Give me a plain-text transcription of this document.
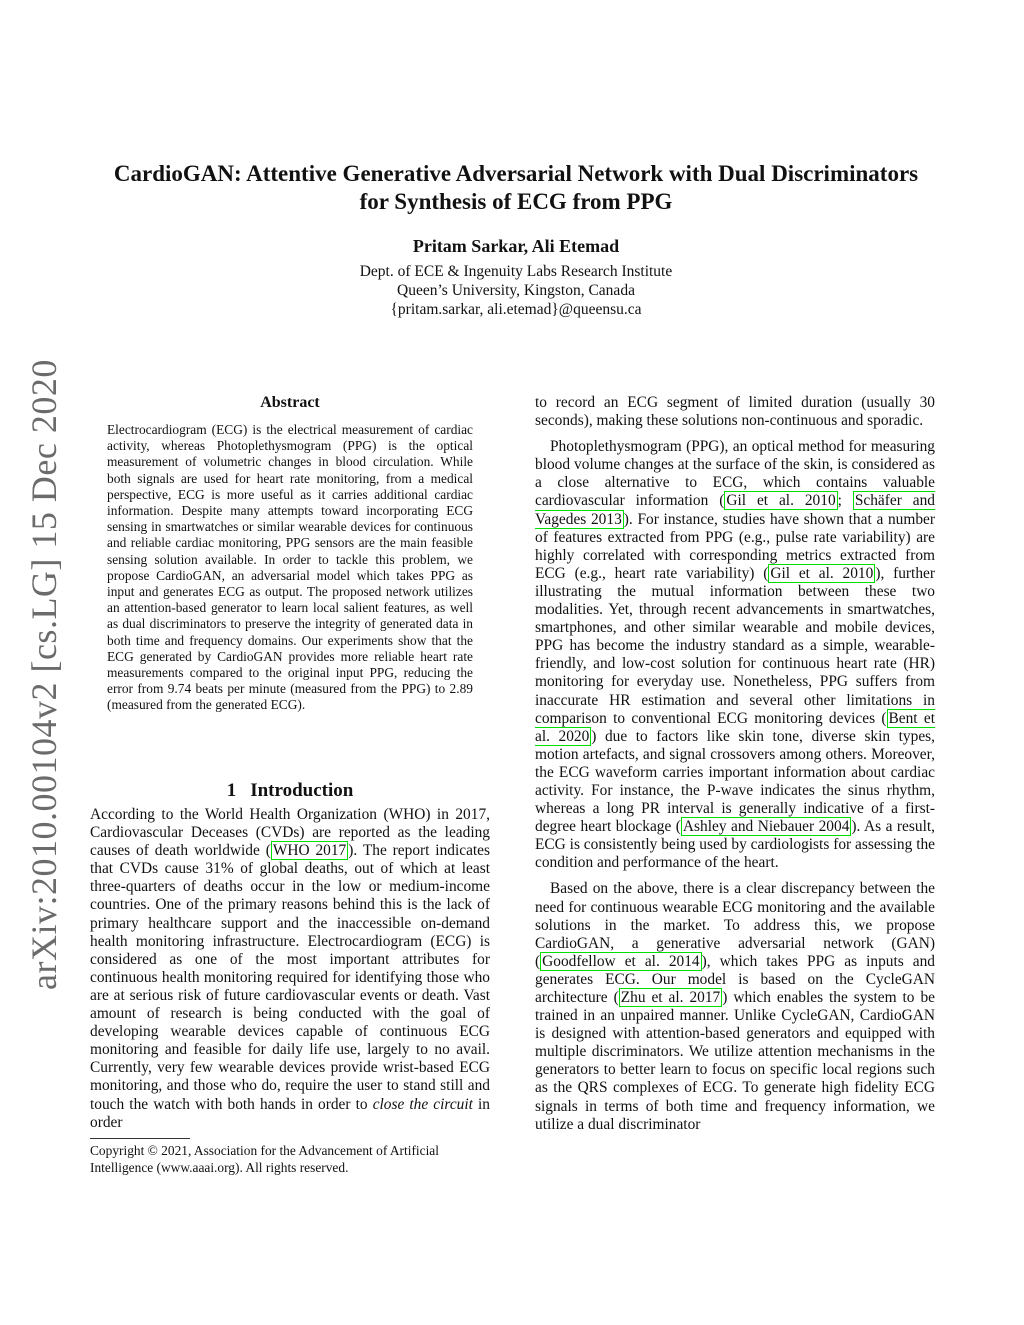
CardioGAN: Attentive Generative Adversarial Network with Dual Discriminators
for Synthesis of ECG from PPG
Pritam Sarkar, Ali Etemad
Dept. of ECE & Ingenuity Labs Research Institute
Queen’s University, Kingston, Canada
{pritam.sarkar, ali.etemad}@queensu.ca
arXiv:2010.00104v2 [cs.LG] 15 Dec 2020	Abstract

Electrocardiogram (ECG) is the electrical measurement of cardiac activity, whereas Photoplethysmogram (PPG) is the optical measurement of volumetric changes in blood circulation. While both signals are used for heart rate monitoring, from a medical perspective, ECG is more useful as it carries additional cardiac information. Despite many attempts toward incorporating ECG sensing in smartwatches or similar wearable devices for continuous and reliable cardiac monitoring, PPG sensors are the main feasible sensing solution available. In order to tackle this problem, we propose CardioGAN, an adversarial model which takes PPG as input and generates ECG as output. The proposed network utilizes an attention-based generator to learn local salient features, as well as dual discriminators to preserve the integrity of generated data in both time and frequency domains. Our experiments show that the ECG generated by CardioGAN provides more reliable heart rate measurements compared to the original input PPG, reducing the error from 9.74 beats per minute (measured from the PPG) to 2.89 (measured from the generated ECG).

1 Introduction

According to the World Health Organization (WHO) in 2017, Cardiovascular Deceases (CVDs) are reported as the leading causes of death worldwide ( WHO 2017 ). The report indicates that CVDs cause 31% of global deaths, out of which at least three-quarters of deaths occur in the low or medium-income countries. One of the primary reasons behind this is the lack of primary healthcare support and the inaccessible on-demand health monitoring infrastructure. Electrocardiogram (ECG) is considered as one of the most important attributes for continuous health monitoring required for identifying those who are at serious risk of future cardiovascular events or death. Vast amount of research is being conducted with the goal of developing wearable devices capable of continuous ECG monitoring and feasible for daily life use, largely to no avail. Currently, very few wearable devices provide wrist-based ECG monitoring, and those who do, require the user to stand still and touch the watch with both hands in order to close the circuit in order

Copyright © 2021, Association for the Advancement of Artificial Intelligence (www.aaai.org). All rights reserved.

to record an ECG segment of limited duration (usually 30 seconds), making these solutions non-continuous and sporadic.

Photoplethysmogram (PPG), an optical method for measuring blood volume changes at the surface of the skin, is considered as a close alternative to ECG, which contains valuable cardiovascular information ( Gil et al. 2010 ; Schäfer and Vagedes 2013 ). For instance, studies have shown that a number of features extracted from PPG (e.g., pulse rate variability) are highly correlated with corresponding metrics extracted from ECG (e.g., heart rate variability) ( Gil et al. 2010 ), further illustrating the mutual information between these two modalities. Yet, through recent advancements in smartwatches, smartphones, and other similar wearable and mobile devices, PPG has become the industry standard as a simple, wearable-friendly, and low-cost solution for continuous heart rate (HR) monitoring for everyday use. Nonetheless, PPG suffers from inaccurate HR estimation and several other limitations in comparison to conventional ECG monitoring devices ( Bent et al. 2020 ) due to factors like skin tone, diverse skin types, motion artefacts, and signal crossovers among others. Moreover, the ECG waveform carries important information about cardiac activity. For instance, the P-wave indicates the sinus rhythm, whereas a long PR interval is generally indicative of a first-degree heart blockage ( Ashley and Niebauer 2004 ). As a result, ECG is consistently being used by cardiologists for assessing the condition and performance of the heart.

Based on the above, there is a clear discrepancy between the need for continuous wearable ECG monitoring and the available solutions in the market. To address this, we propose CardioGAN, a generative adversarial network (GAN) ( Goodfellow et al. 2014 ), which takes PPG as inputs and generates ECG. Our model is based on the CycleGAN architecture ( Zhu et al. 2017 ) which enables the system to be trained in an unpaired manner. Unlike CycleGAN, CardioGAN is designed with attention-based generators and equipped with multiple discriminators. We utilize attention mechanisms in the generators to better learn to focus on specific local regions such as the QRS complexes of ECG. To generate high fidelity ECG signals in terms of both time and frequency information, we utilize a dual discriminator
